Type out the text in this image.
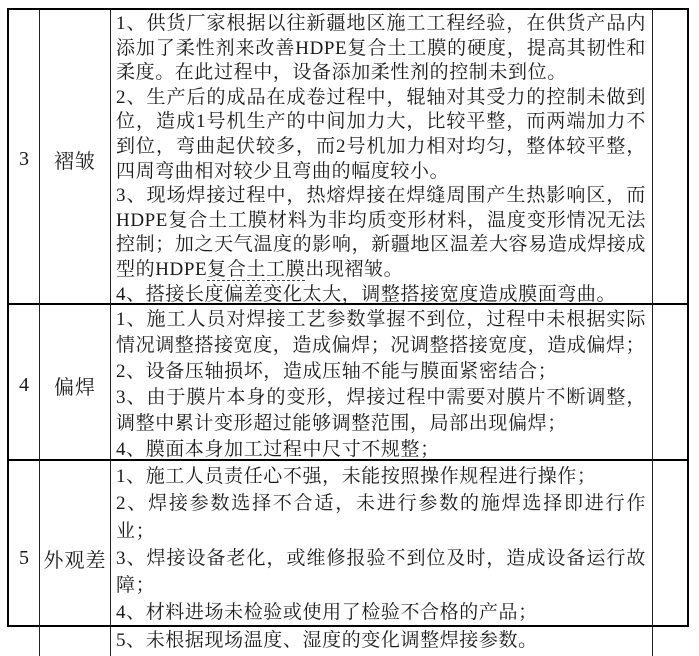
3 褶皱

1、供货厂家根据以往新疆地区施工工程经验，在供货产品内添加了柔性剂来改善HDPE复合土工膜的硬度，提高其韧性和柔度。在此过程中，设备添加柔性剂的控制未到位。

2、生产后的成品在成卷过程中，辊轴对其受力的控制未做到位，造成1号机生产的中间加力大，比较平整，而两端加力不到位，弯曲起伏较多，而2号机加力相对均匀，整体较平整，四周弯曲相对较少且弯曲的幅度较小。

3、现场焊接过程中，热熔焊接在焊缝周围产生热影响区，而HDPE复合土工膜材料为非均质变形材料，温度变形情况无法控制；加之天气温度的影响，新疆地区温差大容易造成焊接成型的HDPE复合土工膜出现褶皱。

4、搭接长度偏差变化太大，调整搭接宽度造成膜面弯曲。

4 偏焊

1、施工人员对焊接工艺参数掌握不到位，过程中未根据实际情况调整搭接宽度，造成偏焊；况调整搭接宽度，造成偏焊；

2、设备压轴损坏，造成压轴不能与膜面紧密结合；

3、由于膜片本身的变形，焊接过程中需要对膜片不断调整，调整中累计变形超过能够调整范围，局部出现偏焊；

4、膜面本身加工过程中尺寸不规整；

5 外观差

1、施工人员责任心不强，未能按照操作规程进行操作；

2、焊接参数选择不合适，未进行参数的施焊选择即进行作业；

3、焊接设备老化，或维修报验不到位及时，造成设备运行故障；

4、材料进场未检验或使用了检验不合格的产品；

5、未根据现场温度、湿度的变化调整焊接参数。
